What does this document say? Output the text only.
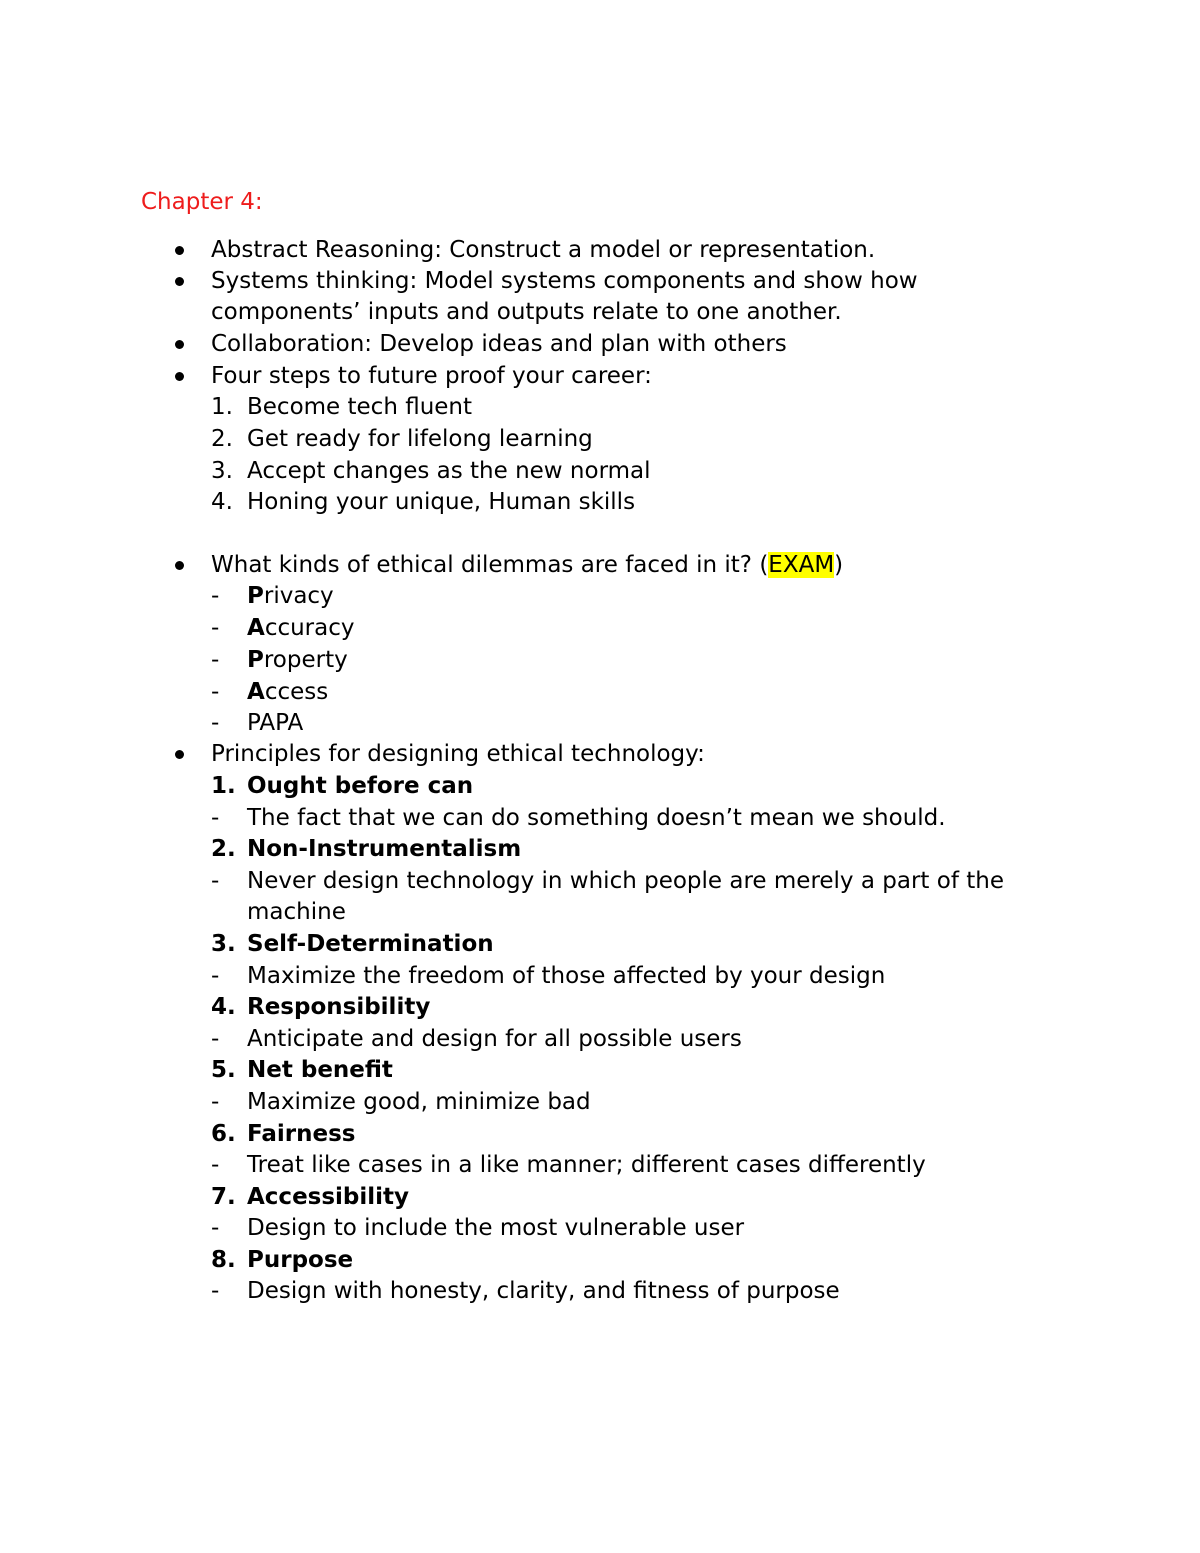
Chapter 4:
Abstract Reasoning: Construct a model or representation.
Systems thinking: Model systems components and show how
components’ inputs and outputs relate to one another.
Collaboration: Develop ideas and plan with others
Four steps to future proof your career:
1. Become tech fluent
2. Get ready for lifelong learning
3. Accept changes as the new normal
4. Honing your unique, Human skills
What kinds of ethical dilemmas are faced in it? (EXAM)
- Privacy
- Accuracy
- Property
- Access
- PAPA
Principles for designing ethical technology:
1. Ought before can
- The fact that we can do something doesn’t mean we should.
2. Non-Instrumentalism
- Never design technology in which people are merely a part of the
machine
3. Self-Determination
- Maximize the freedom of those affected by your design
4. Responsibility
- Anticipate and design for all possible users
5. Net benefit
- Maximize good, minimize bad
6. Fairness
- Treat like cases in a like manner; different cases differently
7. Accessibility
- Design to include the most vulnerable user
8. Purpose
- Design with honesty, clarity, and fitness of purpose
